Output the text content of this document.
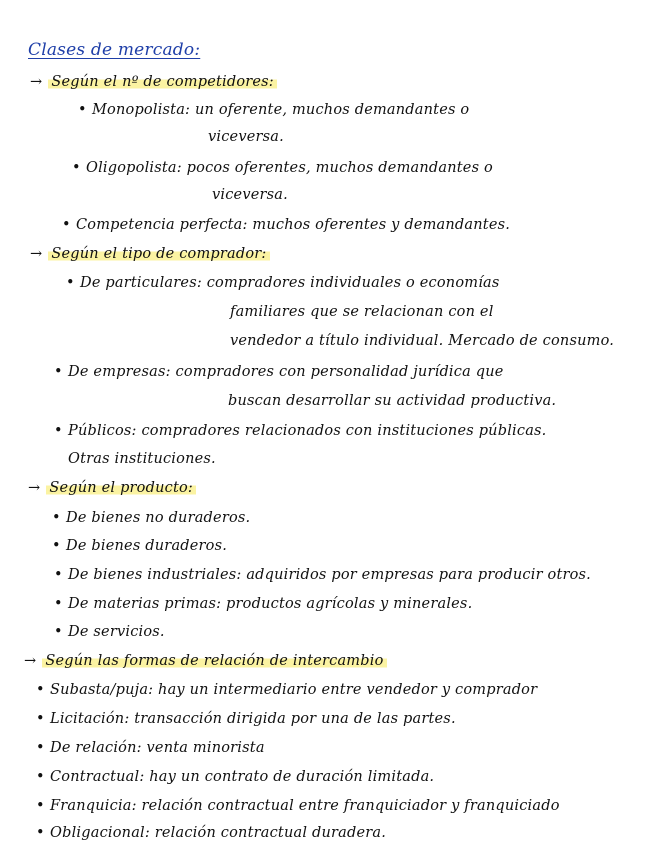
Clases de mercado:
→ Según el nº de competidores:
• Monopolista: un oferente, muchos demandantes o
viceversa.
• Oligopolista: pocos oferentes, muchos demandantes o
viceversa.
• Competencia perfecta: muchos oferentes y demandantes.
→ Según el tipo de comprador:
• De particulares: compradores individuales o economías
familiares que se relacionan con el
vendedor a título individual. Mercado de consumo.
• De empresas: compradores con personalidad jurídica que
buscan desarrollar su actividad productiva.
• Públicos: compradores relacionados con instituciones públicas.
Otras instituciones.
→ Según el producto:
• De bienes no duraderos.
• De bienes duraderos.
• De bienes industriales: adquiridos por empresas para producir otros.
• De materias primas: productos agrícolas y minerales.
• De servicios.
→ Según las formas de relación de intercambio
• Subasta/puja: hay un intermediario entre vendedor y comprador
• Licitación: transacción dirigida por una de las partes.
• De relación: venta minorista
• Contractual: hay un contrato de duración limitada.
• Franquicia: relación contractual entre franquiciador y franquiciado
• Obligacional: relación contractual duradera.
